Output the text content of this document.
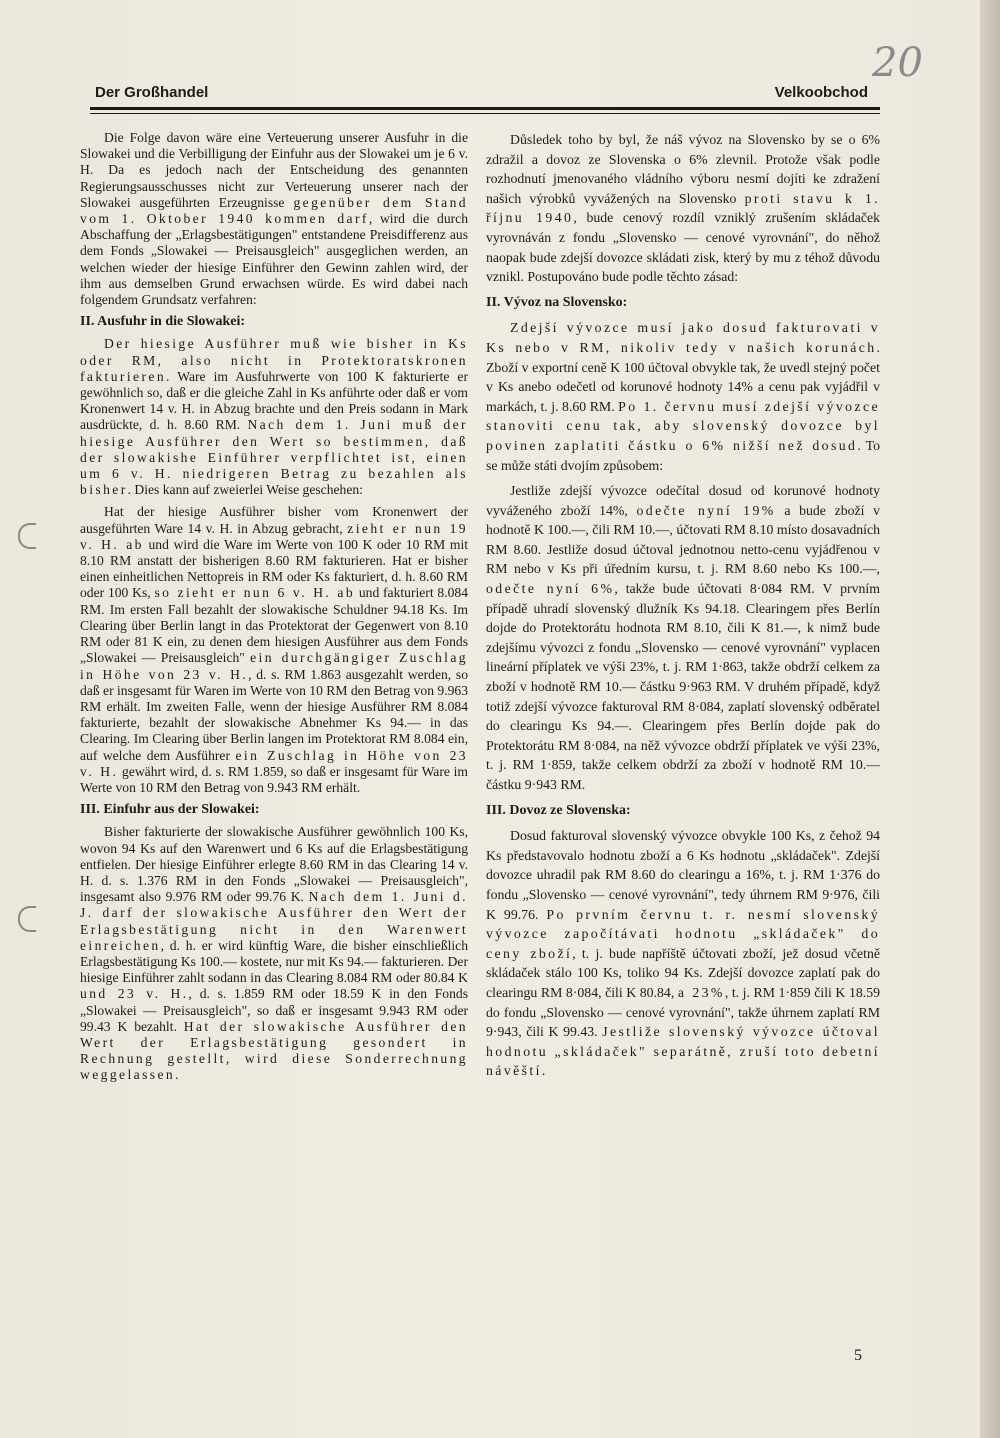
20
Der Großhandel	Velkoobchod

Die Folge davon wäre eine Verteuerung unserer Ausfuhr in die Slowakei und die Verbilligung der Einfuhr aus der Slowakei um je 6 v. H. Da es jedoch nach der Entscheidung des genannten Regierungsausschusses nicht zur Verteuerung unserer nach der Slowakei ausgeführten Erzeugnisse gegenüber dem Stand vom 1. Oktober 1940 kommen darf, wird die durch Abschaffung der „Erlagsbestätigungen" entstandene Preisdifferenz aus dem Fonds „Slowakei — Preisausgleich" ausgeglichen werden, an welchen wieder der hiesige Einführer den Gewinn zahlen wird, der ihm aus demselben Grund erwachsen würde. Es wird dabei nach folgendem Grundsatz verfahren:

II. Ausfuhr in die Slowakei:

Der hiesige Ausführer muß wie bisher in Ks oder RM, also nicht in Protektoratskronen fakturieren. Ware im Ausfuhrwerte von 100 K fakturierte er gewöhnlich so, daß er die gleiche Zahl in Ks anführte oder daß er vom Kronenwert 14 v. H. in Abzug brachte und den Preis sodann in Mark ausdrückte, d. h. 8.60 RM. Nach dem 1. Juni muß der hiesige Ausführer den Wert so bestimmen, daß der slowakishe Einführer verpflichtet ist, einen um 6 v. H. niedrigeren Betrag zu bezahlen als bisher. Dies kann auf zweierlei Weise geschehen:

Hat der hiesige Ausführer bisher vom Kronenwert der ausgeführten Ware 14 v. H. in Abzug gebracht, zieht er nun 19 v. H. ab und wird die Ware im Werte von 100 K oder 10 RM mit 8.10 RM anstatt der bisherigen 8.60 RM fakturieren. Hat er bisher einen einheitlichen Nettopreis in RM oder Ks fakturiert, d. h. 8.60 RM oder 100 Ks, so zieht er nun 6 v. H. ab und fakturiert 8.084 RM. Im ersten Fall bezahlt der slowakische Schuldner 94.18 Ks. Im Clearing über Berlin langt in das Protektorat der Gegenwert von 8.10 RM oder 81 K ein, zu denen dem hiesigen Ausführer aus dem Fonds „Slowakei — Preisausgleich" ein durchgängiger Zuschlag in Höhe von 23 v. H., d. s. RM 1.863 ausgezahlt werden, so daß er insgesamt für Waren im Werte von 10 RM den Betrag von 9.963 RM erhält. Im zweiten Falle, wenn der hiesige Ausführer RM 8.084 fakturierte, bezahlt der slowakische Abnehmer Ks 94.— in das Clearing. Im Clearing über Berlin langen im Protektorat RM 8.084 ein, auf welche dem Ausführer ein Zuschlag in Höhe von 23 v. H. gewährt wird, d. s. RM 1.859, so daß er insgesamt für Ware im Werte von 10 RM den Betrag von 9.943 RM erhält.

III. Einfuhr aus der Slowakei:

Bisher fakturierte der slowakische Ausführer gewöhnlich 100 Ks, wovon 94 Ks auf den Warenwert und 6 Ks auf die Erlagsbestätigung entfielen. Der hiesige Einführer erlegte 8.60 RM in das Clearing 14 v. H. d. s. 1.376 RM in den Fonds „Slowakei — Preisausgleich", insgesamt also 9.976 RM oder 99.76 K. Nach dem 1. Juni d. J. darf der slowakische Ausführer den Wert der Erlagsbestätigung nicht in den Warenwert einreichen, d. h. er wird künftig Ware, die bisher einschließlich Erlagsbestätigung Ks 100.— kostete, nur mit Ks 94.— fakturieren. Der hiesige Einführer zahlt sodann in das Clearing 8.084 RM oder 80.84 K und 23 v. H., d. s. 1.859 RM oder 18.59 K in den Fonds „Slowakei — Preisausgleich", so daß er insgesamt 9.943 RM oder 99.43 K bezahlt. Hat der slowakische Ausführer den Wert der Erlagsbestätigung gesondert in Rechnung gestellt, wird diese Sonderrechnung weggelassen.

Důsledek toho by byl, že náš vývoz na Slovensko by se o 6% zdražil a dovoz ze Slovenska o 6% zlevnil. Protože však podle rozhodnutí jmenovaného vládního výboru nesmí dojíti ke zdražení našich výrobků vyvážených na Slovensko proti stavu k 1. říjnu 1940, bude cenový rozdíl vzniklý zrušením skládaček vyrovnáván z fondu „Slovensko — cenové vyrovnání", do něhož naopak bude zdejší dovozce skládati zisk, který by mu z téhož důvodu vznikl. Postupováno bude podle těchto zásad:

II. Vývoz na Slovensko:

Zdejší vývozce musí jako dosud fakturovati v Ks nebo v RM, nikoliv tedy v našich korunách. Zboží v exportní ceně K 100 účtoval obvykle tak, že uvedl stejný počet v Ks anebo odečetl od korunové hodnoty 14% a cenu pak vyjádřil v markách, t. j. 8.60 RM. Po 1. červnu musí zdejší vývozce stanoviti cenu tak, aby slovenský dovozce byl povinen zaplatiti částku o 6% nižší než dosud. To se může státi dvojím způsobem:

Jestliže zdejší vývozce odečítal dosud od korunové hodnoty vyváženého zboží 14%, odečte nyní 19% a bude zboží v hodnotě K 100.—, čili RM 10.—, účtovati RM 8.10 místo dosavadních RM 8.60. Jestliže dosud účtoval jednotnou netto-cenu vyjádřenou v RM nebo v Ks při úředním kursu, t. j. RM 8.60 nebo Ks 100.—, odečte nyní 6%, takže bude účtovati 8·084 RM. V prvním případě uhradí slovenský dlužník Ks 94.18. Clearingem přes Berlín dojde do Protektorátu hodnota RM 8.10, čili K 81.—, k nimž bude zdejšímu vývozci z fondu „Slovensko — cenové vyrovnání" vyplacen lineární příplatek ve výši 23%, t. j. RM 1·863, takže obdrží celkem za zboží v hodnotě RM 10.— částku 9·963 RM. V druhém případě, když totiž zdejší vývozce fakturoval RM 8·084, zaplatí slovenský odběratel do clearingu Ks 94.—. Clearingem přes Berlín dojde pak do Protektorátu RM 8·084, na něž vývozce obdrží příplatek ve výši 23%, t. j. RM 1·859, takže celkem obdrží za zboží v hodnotě RM 10.— částku 9·943 RM.

III. Dovoz ze Slovenska:

Dosud fakturoval slovenský vývozce obvykle 100 Ks, z čehož 94 Ks představovalo hodnotu zboží a 6 Ks hodnotu „skládaček". Zdejší dovozce uhradil pak RM 8.60 do clearingu a 16%, t. j. RM 1·376 do fondu „Slovensko — cenové vyrovnání", tedy úhrnem RM 9·976, čili K 99.76. Po prvním červnu t. r. nesmí slovenský vývozce započítávati hodnotu „skládaček" do ceny zboží, t. j. bude napříště účtovati zboží, jež dosud včetně skládaček stálo 100 Ks, toliko 94 Ks. Zdejší dovozce zaplatí pak do clearingu RM 8·084, čili K 80.84, a 23%, t. j. RM 1·859 čili K 18.59 do fondu „Slovensko — cenové vyrovnání", takže úhrnem zaplatí RM 9·943, čili K 99.43. Jestliže slovenský vývozce účtoval hodnotu „skládaček" separátně, zruší toto debetní návěští.

5
